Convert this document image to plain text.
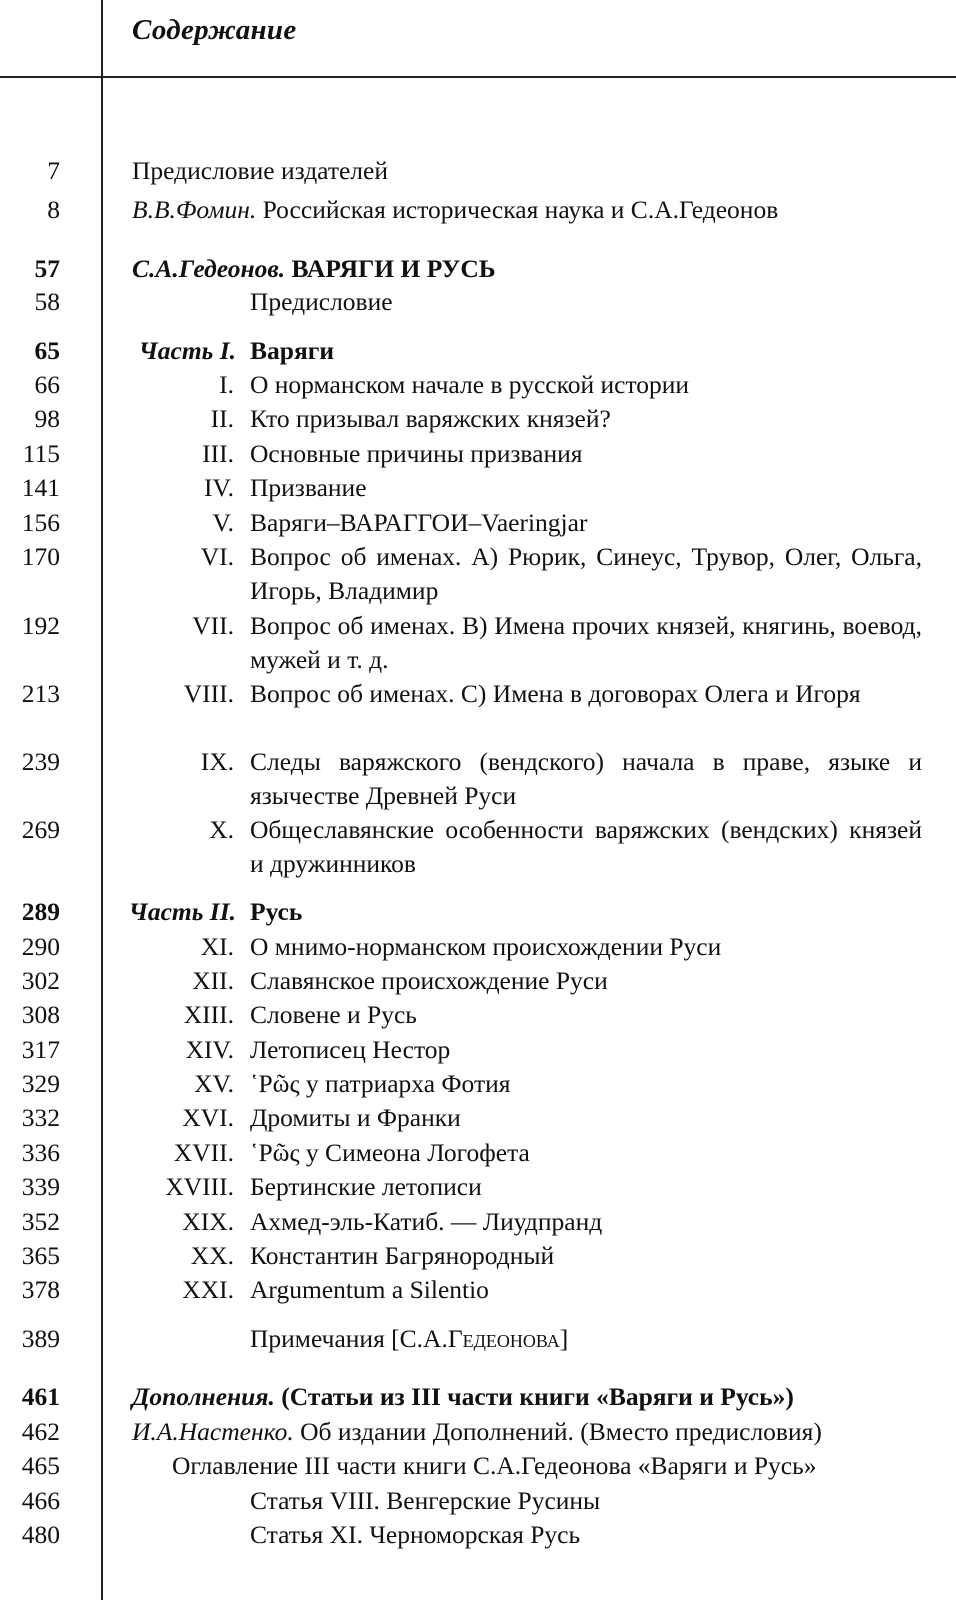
Содержание
7	Предисловие издателей
8	В.В.Фомин. Российская историческая наука и С.А.Гедеонов
57	С.А.Гедеонов. ВАРЯГИ И РУСЬ
58	Предисловие
65	Часть I. Варяги
66	I. О норманском начале в русской истории
98	II. Кто призывал варяжских князей?
115	III. Основные причины призвания
141	IV. Призвание
156	V. Варяги–ВАРАГГОИ–Vaeringjar
170	VI. Вопрос об именах. А) Рюрик, Синеус, Трувор, Олег, Ольга, Игорь, Владимир
192	VII. Вопрос об именах. В) Имена прочих князей, княгинь, воевод, мужей и т. д.
213	VIII. Вопрос об именах. С) Имена в договорах Олега и Игоря
239	IX. Следы варяжского (вендского) начала в праве, языке и язычестве Древней Руси
269	X. Общеславянские особенности варяжских (вендских) князей и дружинников
289	Часть II. Русь
290	XI. О мнимо-норманском происхождении Руси
302	XII. Славянское происхождение Руси
308	XIII. Словене и Русь
317	XIV. Летописец Нестор
329	XV. ῾Ρῶς у патриарха Фотия
332	XVI. Дромиты и Франки
336	XVII. ῾Ρῶς у Симеона Логофета
339	XVIII. Бертинские летописи
352	XIX. Ахмед-эль-Катиб. — Лиудпранд
365	XX. Константин Багрянородный
378	XXI. Argumentum a Silentio
389	Примечания [С.А.Гедеонова]
461	Дополнения. (Статьи из III части книги «Варяги и Русь»)
462	И.А.Настенко. Об издании Дополнений. (Вместо предисловия)
465	Оглавление III части книги С.А.Гедеонова «Варяги и Русь»
466	Статья VIII. Венгерские Русины
480	Статья XI. Черноморская Русь
